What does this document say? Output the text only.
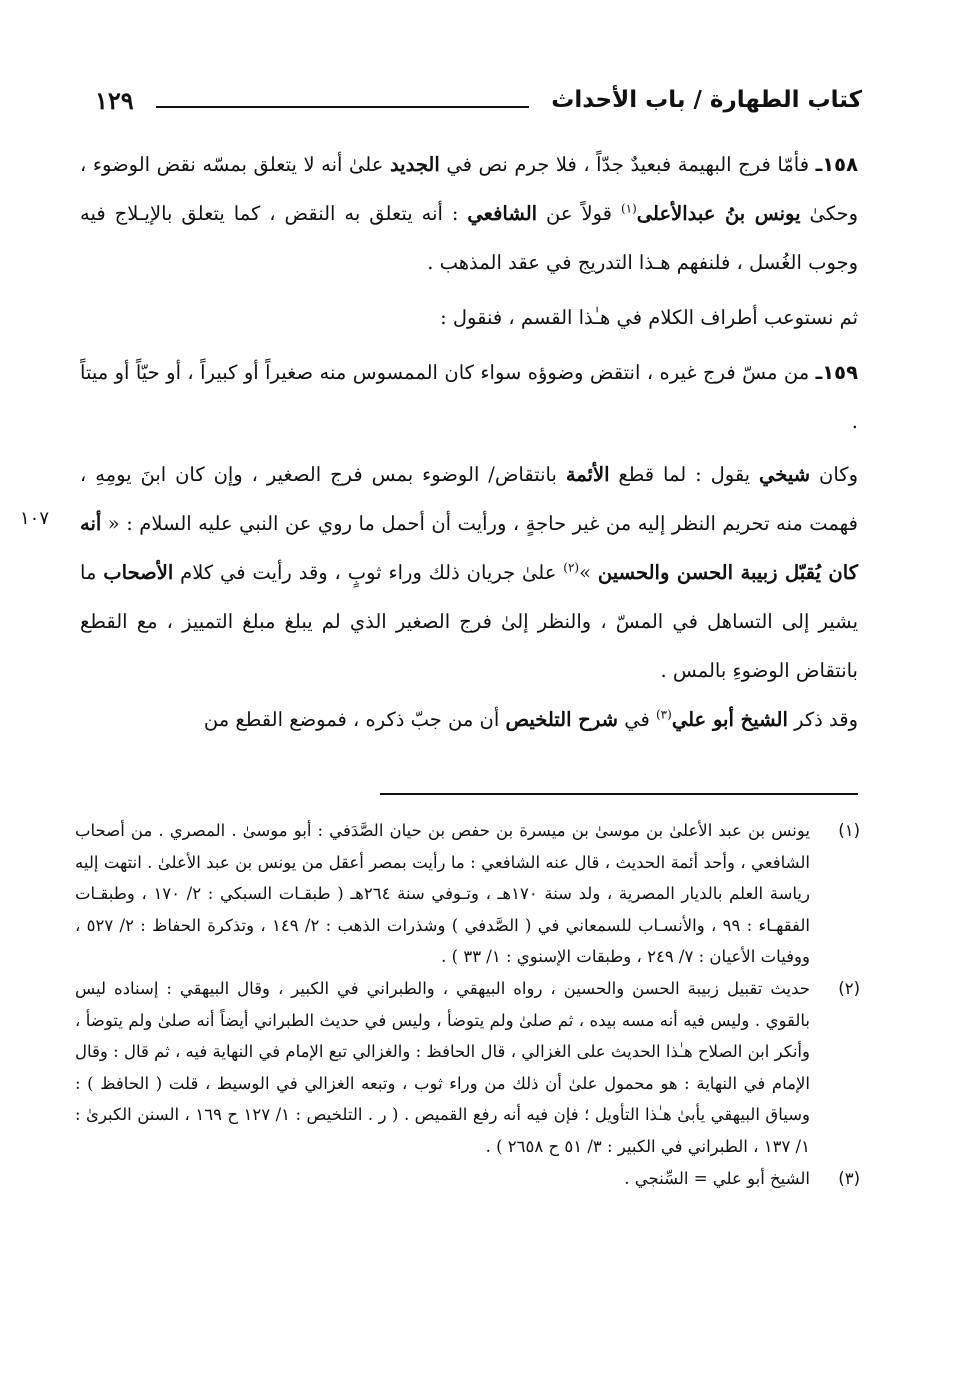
كتاب الطهارة / باب الأحداث
١٢٩
١٠٧

١٥٨ـ فأمّا فرج البهيمة فبعيدٌ جدّاً ، فلا جرم نص في الجديد علىٰ أنه لا يتعلق بمسّه نقض الوضوء ، وحكىٰ يونس بنُ عبدالأعلى$^{(١)}$ قولاً عن الشافعي : أنه يتعلق به النقض ، كما يتعلق بالإيـلاج فيه وجوب الغُسل ، فلنفهم هـذا التدريج في عقد المذهب .

ثم نستوعب أطراف الكلام في هـٰذا القسم ، فنقول :

١٥٩ـ من مسّ فرج غيره ، انتقض وضوؤه سواء كان الممسوس منه صغيراً أو كبيراً ، أو حيّاً أو ميتاً .

وكان شيخي يقول : لما قطع الأئمة بانتقاض/ الوضوء بمس فرج الصغير ، وإن كان ابنَ يومِهِ ، فهمت منه تحريم النظر إليه من غير حاجةٍ ، ورأيت أن أحمل ما روي عن النبي عليه السلام : « أنه كان يُقبّل زبيبة الحسن والحسين »$^{(٢)}$ علىٰ جريان ذلك وراء ثوبٍ ، وقد رأيت في كلام الأصحاب ما يشير إلى التساهل في المسّ ، والنظر إلىٰ فرج الصغير الذي لم يبلغ مبلغ التمييز ، مع القطع بانتقاض الوضوءِ بالمس .

وقد ذكر الشيخ أبو علي$^{(٣)}$ في شرح التلخيص أن من جبّ ذكره ، فموضع القطع من

(١)
يونس بن عبد الأعلىٰ بن موسىٰ بن ميسرة بن حفص بن حيان الصَّدَفي : أبو موسىٰ . المصري . من أصحاب الشافعي ، وأحد أئمة الحديث ، قال عنه الشافعي : ما رأيت بمصر أعقل من يونس بن عبد الأعلىٰ . انتهت إليه رياسة العلم بالديار المصرية ، ولد سنة ١٧٠هـ ، وتـوفي سنة ٢٦٤هـ ( طبقـات السبكي : ٢/ ١٧٠ ، وطبقـات الفقهـاء : ٩٩ ، والأنسـاب للسمعاني في ( الصَّدفي ) وشذرات الذهب : ٢/ ١٤٩ ، وتذكرة الحفاظ : ٢/ ٥٢٧ ، ووفيات الأعيان : ٧/ ٢٤٩ ، وطبقات الإسنوي : ١/ ٣٣ ) .
(٢)
حديث تقبيل زبيبة الحسن والحسين ، رواه البيهقي ، والطبراني في الكبير ، وقال البيهقي : إسناده ليس بالقوي . وليس فيه أنه مسه بيده ، ثم صلىٰ ولم يتوضأ ، وليس في حديث الطبراني أيضاً أنه صلىٰ ولم يتوضأ ، وأنكر ابن الصلاح هـٰذا الحديث على الغزالي ، قال الحافظ : والغزالي تبع الإمام في النهاية فيه ، ثم قال : وقال الإمام في النهاية : هو محمول علىٰ أن ذلك من وراء ثوب ، وتبعه الغزالي في الوسيط ، قلت ( الحافظ ) : وسياق البيهقي يأبىٰ هـٰذا التأويل ؛ فإن فيه أنه رفع القميص . ( ر . التلخيص : ١/ ١٢٧ ح ١٦٩ ، السنن الكبرىٰ : ١/ ١٣٧ ، الطبراني في الكبير : ٣/ ٥١ ح ٢٦٥٨ ) .
(٣)
الشيخ أبو علي = السِّنجي .
